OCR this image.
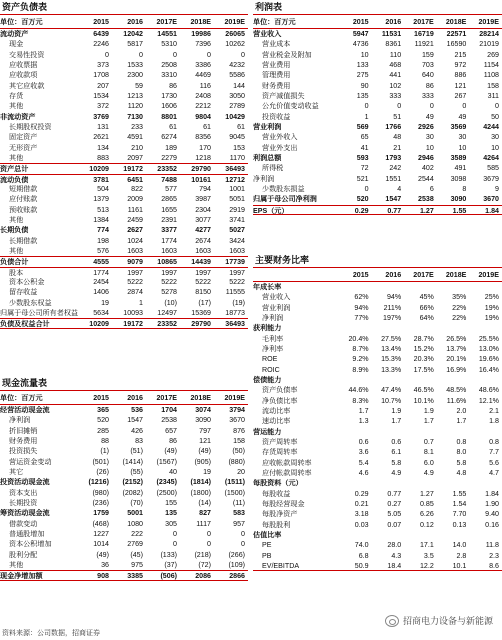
资产负债表
单位：百万元	2015	2016	2017E	2018E	2019E
流动资产	6439	12042	14551	19986	26065
现金	2246	5817	5310	7396	10262
交易性投资	0	0	0	0	0
应收票据	373	1533	2508	3386	4232
应收款项	1708	2300	3310	4469	5586
其它应收款	207	59	86	116	144
存货	1534	1213	1730	2408	3050
其他	372	1120	1606	2212	2789
非流动资产	3769	7130	8801	9804	10429
长期股权投资	131	233	61	61	61
固定资产	2621	4591	6274	8356	9045
无形资产	134	210	189	170	153
其他	883	2097	2279	1218	1170
资产总计	10209	19172	23352	29790	36493
流动负债	3781	6451	7488	10161	12712
短期借款	504	822	577	794	1001
应付账款	1379	2009	2865	3987	5051
预收账款	513	1161	1655	2304	2919
其他	1384	2459	2391	3077	3741
长期负债	774	2627	3377	4277	5027
长期借款	198	1024	1774	2674	3424
其他	576	1603	1603	1603	1603
负债合计	4555	9079	10865	14439	17739
股本	1774	1997	1997	1997	1997
资本公积金	2454	5222	5222	5222	5222
留存收益	1406	2874	5278	8150	11555
少数股东权益	19	1	(10)	(17)	(19)
归属于母公司所有者权益	5634	10093	12497	15369	18773
负债及权益合计	10209	19172	23352	29790	36493
现金流量表
单位：百万元	2015	2016	2017E	2018E	2019E
经营活动现金流	365	536	1704	3074	3794
净利润	520	1547	2538	3090	3670
折旧摊销	285	426	657	797	876
财务费用	88	83	86	121	158
投资损失	(1)	(51)	(49)	(49)	(50)
营运资金变动	(501)	(1414)	(1567)	(905)	(880)
其它	(26)	(55)	40	19	20
投资活动现金流	(1216)	(2152)	(2345)	(1814)	(1511)
资本支出	(980)	(2082)	(2500)	(1800)	(1500)
长期投资	(236)	(70)	155	(14)	(11)
筹资活动现金流	1759	5001	135	827	583
借款变动	(468)	1080	305	1117	957
普通股增加	1227	222	0	0	0
资本公积增加	1014	2769	0	0	0
股利分配	(49)	(45)	(133)	(218)	(266)
其他	36	975	(37)	(72)	(109)
现金净增加额	908	3385	(506)	2086	2866
利润表
单位：百万元	2015	2016	2017E	2018E	2019E
营业收入	5947	11531	16719	22571	28214
营业成本	4736	8361	11921	16590	21019
营业税金及附加	10	110	159	215	269
营业费用	133	468	703	972	1154
管理费用	275	441	640	886	1108
财务费用	90	102	86	121	158
资产减值损失	135	333	333	267	311
公允价值变动收益	0	0	0	0	0
投资收益	1	51	49	49	50
营业利润	569	1766	2926	3569	4244
营业外收入	65	48	30	30	30
营业外支出	41	21	10	10	10
利润总额	593	1793	2946	3589	4264
所得税	72	242	402	491	585
净利润	521	1551	2544	3098	3679
少数股东损益	0	4	6	8	9
归属于母公司净利润	520	1547	2538	3090	3670
EPS（元）	0.29	0.77	1.27	1.55	1.84
主要财务比率
2015	2016	2017E	2018E	2019E
年成长率
营业收入	62%	94%	45%	35%	25%
营业利润	94%	211%	66%	22%	19%
净利润	77%	197%	64%	22%	19%
获利能力
毛利率	20.4%	27.5%	28.7%	26.5%	25.5%
净利率	8.7%	13.4%	15.2%	13.7%	13.0%
ROE	9.2%	15.3%	20.3%	20.1%	19.6%
ROIC	8.9%	13.3%	17.5%	16.9%	16.4%
偿债能力
资产负债率	44.6%	47.4%	46.5%	48.5%	48.6%
净负债比率	8.3%	10.7%	10.1%	11.6%	12.1%
流动比率	1.7	1.9	1.9	2.0	2.1
速动比率	1.3	1.7	1.7	1.7	1.8
营运能力
资产周转率	0.6	0.6	0.7	0.8	0.8
存货周转率	3.6	6.1	8.1	8.0	7.7
应收帐款周转率	5.4	5.8	6.0	5.8	5.6
应付帐款周转率	4.6	4.9	4.9	4.8	4.7
每股资料（元）
每股收益	0.29	0.77	1.27	1.55	1.84
每股经营现金	0.21	0.27	0.85	1.54	1.90
每股净资产	3.18	5.05	6.26	7.70	9.40
每股股利	0.03	0.07	0.12	0.13	0.16
估值比率
PE	74.0	28.0	17.1	14.0	11.8
PB	6.8	4.3	3.5	2.8	2.3
EV/EBITDA	50.9	18.4	12.2	10.1	8.6
资料来源：公司数据，招商证券
招商电力设备与新能源
